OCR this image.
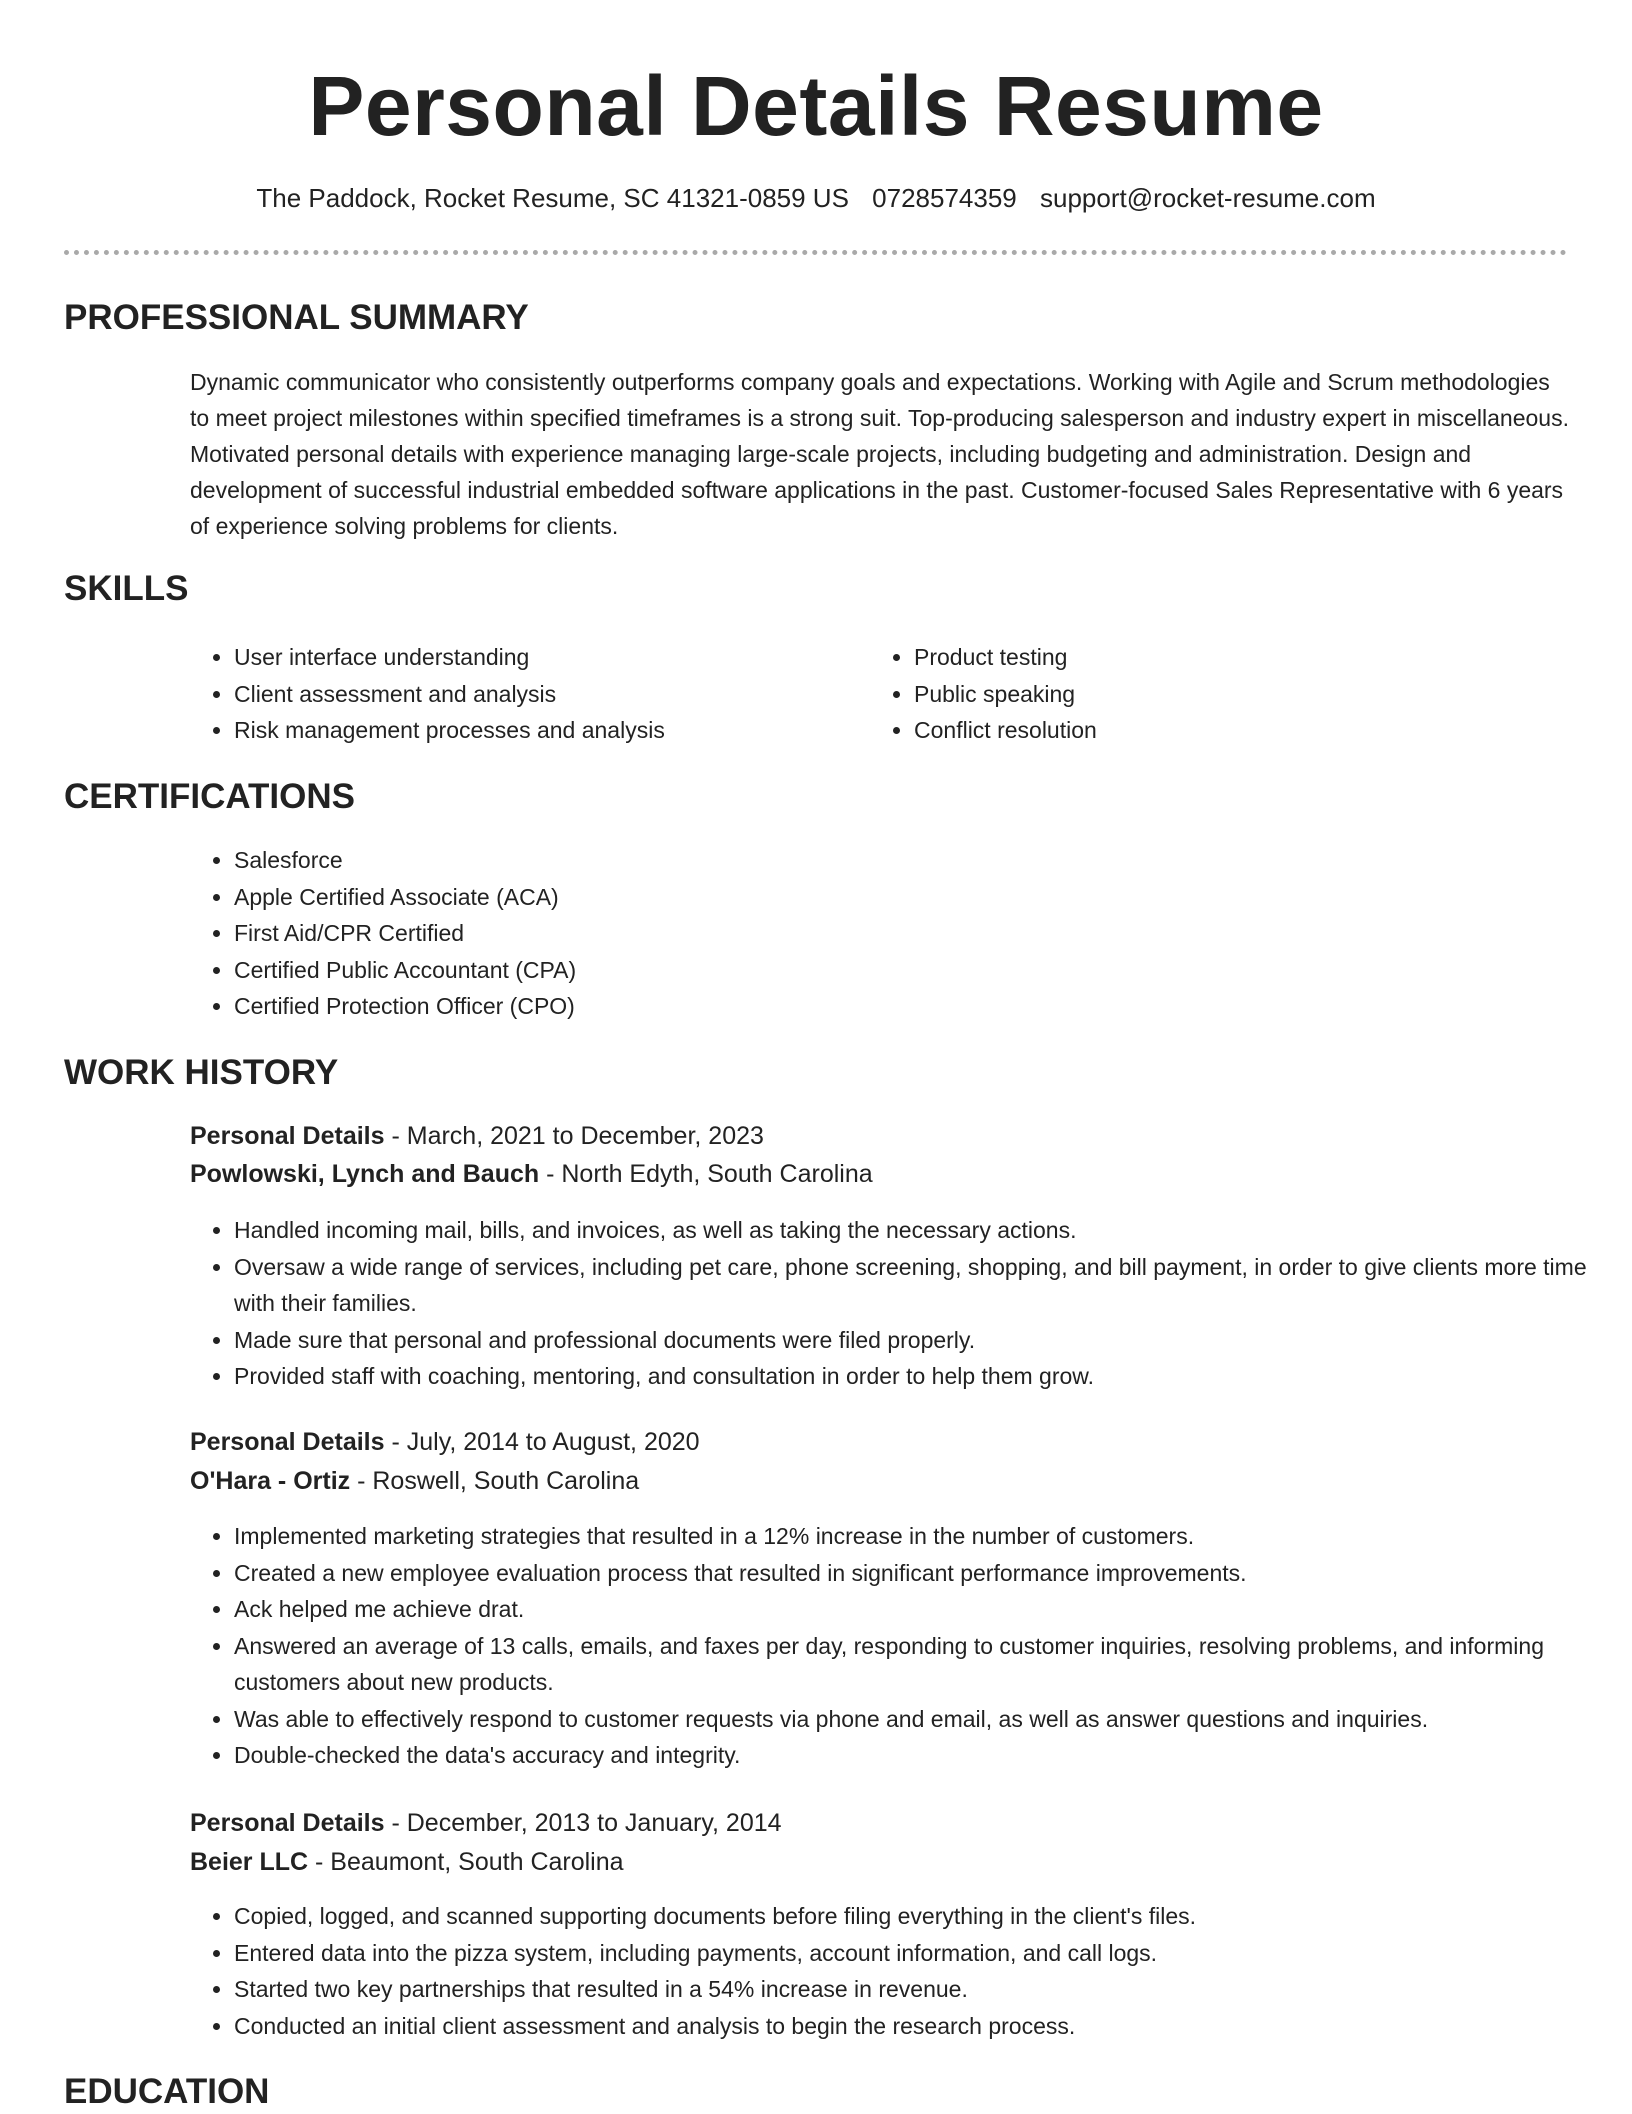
Personal Details Resume
The Paddock, Rocket Resume, SC 41321-0859 US 0728574359 support@rocket-resume.com
PROFESSIONAL SUMMARY

Dynamic communicator who consistently outperforms company goals and expectations. Working with Agile and Scrum methodologies to meet project milestones within specified timeframes is a strong suit. Top-producing salesperson and industry expert in miscellaneous. Motivated personal details with experience managing large-scale projects, including budgeting and administration. Design and development of successful industrial embedded software applications in the past. Customer-focused Sales Representative with 6 years of experience solving problems for clients.

SKILLS
• User interface understanding
• Client assessment and analysis
• Risk management processes and analysis
• Product testing
• Public speaking
• Conflict resolution
CERTIFICATIONS
• Salesforce
• Apple Certified Associate (ACA)
• First Aid/CPR Certified
• Certified Public Accountant (CPA)
• Certified Protection Officer (CPO)
WORK HISTORY
Personal Details - March, 2021 to December, 2023
Powlowski, Lynch and Bauch - North Edyth, South Carolina
• Handled incoming mail, bills, and invoices, as well as taking the necessary actions.
• Oversaw a wide range of services, including pet care, phone screening, shopping, and bill payment, in order to give clients more time with their families.
• Made sure that personal and professional documents were filed properly.
• Provided staff with coaching, mentoring, and consultation in order to help them grow.
Personal Details - July, 2014 to August, 2020
O'Hara - Ortiz - Roswell, South Carolina
• Implemented marketing strategies that resulted in a 12% increase in the number of customers.
• Created a new employee evaluation process that resulted in significant performance improvements.
• Ack helped me achieve drat.
• Answered an average of 13 calls, emails, and faxes per day, responding to customer inquiries, resolving problems, and informing customers about new products.
• Was able to effectively respond to customer requests via phone and email, as well as answer questions and inquiries.
• Double-checked the data's accuracy and integrity.
Personal Details - December, 2013 to January, 2014
Beier LLC - Beaumont, South Carolina
• Copied, logged, and scanned supporting documents before filing everything in the client's files.
• Entered data into the pizza system, including payments, account information, and call logs.
• Started two key partnerships that resulted in a 54% increase in revenue.
• Conducted an initial client assessment and analysis to begin the research process.
EDUCATION
